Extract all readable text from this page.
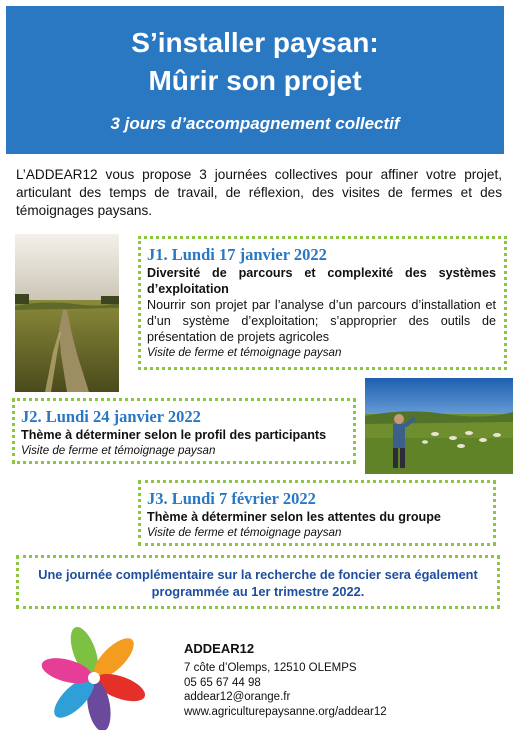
S’installer paysan:
Mûrir son projet
3 jours d’accompagnement collectif
L’ADDEAR12 vous propose 3 journées collectives pour affiner votre projet, articulant des temps de travail, de réflexion, des visites de fermes et des témoignages paysans.
J1. Lundi 17 janvier 2022
Diversité de parcours et complexité des systèmes d’exploitation
Nourrir son projet par l’analyse d’un parcours d’installation et d’un système d’exploitation; s’approprier des outils de présentation de projets agricoles
Visite de ferme et témoignage paysan
J2. Lundi 24 janvier 2022
Thème à déterminer selon le profil des participants
Visite de ferme et témoignage paysan
J3. Lundi 7 février 2022
Thème à déterminer selon les attentes du groupe
Visite de ferme et témoignage paysan
Une journée complémentaire sur la recherche de foncier sera également programmée au 1er trimestre 2022.
ADDEAR12
7 côte d’Olemps, 12510 OLEMPS
05 65 67 44 98
addear12@orange.fr
www.agriculturepaysanne.org/addear12
